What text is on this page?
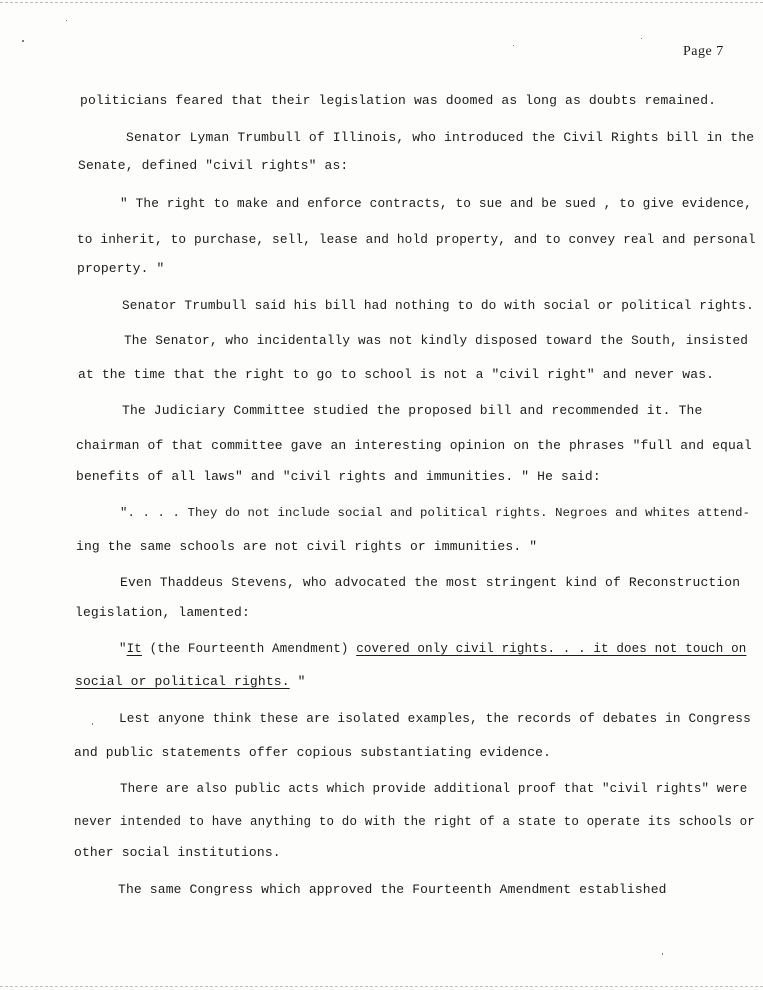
Page 7
politicians feared that their legislation was doomed as long as doubts remained.
Senator Lyman Trumbull of Illinois, who introduced the Civil Rights bill in the
Senate, defined "civil rights" as:
" The right to make and enforce contracts, to sue and be sued , to give evidence,
to inherit, to purchase, sell, lease and hold property, and to convey real and personal
property. "
Senator Trumbull said his bill had nothing to do with social or political rights.
The Senator, who incidentally was not kindly disposed toward the South, insisted
at the time that the right to go to school is not a "civil right" and never was.
The Judiciary Committee studied the proposed bill and recommended it. The
chairman of that committee gave an interesting opinion on the phrases "full and equal
benefits of all laws" and "civil rights and immunities. " He said:
". . . . They do not include social and political rights. Negroes and whites attend-
ing the same schools are not civil rights or immunities. "
Even Thaddeus Stevens, who advocated the most stringent kind of Reconstruction
legislation, lamented:
"It (the Fourteenth Amendment) covered only civil rights. . . it does not touch on
social or political rights. "
Lest anyone think these are isolated examples, the records of debates in Congress
and public statements offer copious substantiating evidence.
There are also public acts which provide additional proof that "civil rights" were
never intended to have anything to do with the right of a state to operate its schools or
other social institutions.
The same Congress which approved the Fourteenth Amendment established
